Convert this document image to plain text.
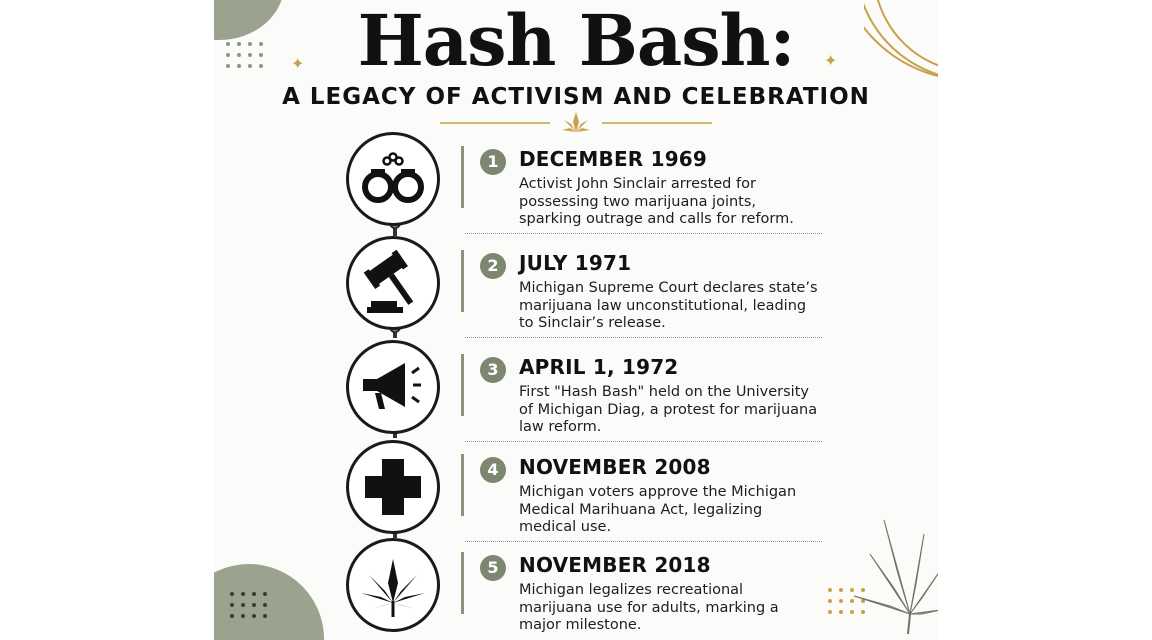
✦	✦
Hash Bash:
A LEGACY OF ACTIVISM AND CELEBRATION
1	DECEMBER 1969
Activist John Sinclair arrested for possessing two marijuana joints, sparking outrage and calls for reform.
2	JULY 1971
Michigan Supreme Court declares state’s marijuana law unconstitutional, leading to Sinclair’s release.
3	APRIL 1, 1972
First "Hash Bash" held on the University of Michigan Diag, a protest for marijuana law reform.
4	NOVEMBER 2008
Michigan voters approve the Michigan Medical Marihuana Act, legalizing medical use.
5	NOVEMBER 2018
Michigan legalizes recreational marijuana use for adults, marking a major milestone.
